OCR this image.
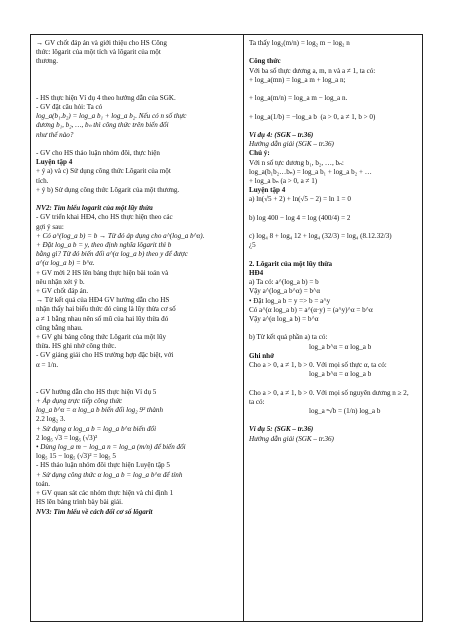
→ GV chốt đáp án và giới thiệu cho HS Công
thức: lôgarit của một tích và lôgarit của một
thương.
- HS thực hiện Ví dụ 4 theo hướng dẫn của SGK.
- GV đặt câu hỏi: Ta có
log_a(b₁.b₂) = log_a b₁ + log_a b₂. Nếu có n số thực
dương b₁, b₂, …, bₙ thì công thức trên biến đổi
như thế nào?
- GV cho HS thảo luận nhóm đôi, thực hiện
Luyện tập 4
+ ý a) và c) Sử dụng công thức Lôgarit của một
tích.
+ ý b) Sử dụng công thức Lôgarit của một thương.
NV2: Tìm hiểu logarit của một lũy thừa
- GV triển khai HĐ4, cho HS thực hiện theo các
gợi ý sau:
+ Có a^(log_a b) = b → Từ đó áp dụng cho a^(log_a b^α).
+ Đặt log_a b = y, theo định nghĩa lôgarit thì b
bằng gì? Từ đó biến đổi a^(α log_a b) theo y để được
a^(α log_a b) = b^α.
+ GV mời 2 HS lên bảng thực hiện bài toán và
nêu nhận xét ý b.
+ GV chốt đáp án.
→ Từ kết quả của HĐ4 GV hướng dẫn cho HS
nhận thấy hai biểu thức đó cùng là lũy thừa cơ số
a ≠ 1 bằng nhau nên số mũ của hai lũy thừa đó
cũng bằng nhau.
+ GV ghi bảng công thức Lôgarit của một lũy
thừa. HS ghi nhớ công thức.
- GV giảng giải cho HS trường hợp đặc biệt, với
α = 1/n.
- GV hướng dẫn cho HS thực hiện Ví dụ 5
+ Áp dụng trực tiếp công thức
log_a b^α = α log_a b biến đổi log₂ 9² thành
2.2 log₂ 3.
+ Sử dụng α log_a b = log_a b^α biến đổi
2 log₅ √3 = log₅ (√3)²
• Dùng log_a m − log_a n = log_a (m/n) để biến đổi
log₅ 15 − log₅ (√3)² = log₅ 5
- HS thảo luận nhóm đôi thực hiện Luyện tập 5
+ Sử dụng công thức α log_a b = log_a b^α để tính
toán.
+ GV quan sát các nhóm thực hiện và chỉ định 1
HS lên bảng trình bày bài giải.
NV3: Tìm hiểu về cách đổi cơ số lôgarit
Ta thấy log₂(m/n) = log₂ m − log₂ n
Công thức
Với ba số thực dương a, m, n và a ≠ 1, ta có:
+ log_a(mn) = log_a m + log_a n;
+ log_a(m/n) = log_a m − log_a n.
+ log_a(1/b) = −log_a b  (a > 0, a ≠ 1, b > 0)
Ví dụ 4: (SGK – tr.36)
Hướng dẫn giải (SGK – tr.36)
Chú ý:
Với n số tực dương b₁, b₂, …, bₙ:
log_a(b₁b₂…bₙ) = log_a b₁ + log_a b₂ + …
+ log_a bₙ (a > 0, a ≠ 1)
Luyện tập 4
a) ln(√5 + 2) + ln(√5 − 2) = ln 1 = 0
b) log 400 − log 4 = log (400/4) = 2
c) log₄ 8 + log₄ 12 + log₄ (32/3) = log₄ (8.12.32/3)
¿5
2. Lôgarit của một lũy thừa
HĐ4
a) Ta có: a^(log_a b) = b
Vậy a^(log_a b^α) = b^α
• Đặt log_a b = y => b = a^y
Có a^(α log_a b) = a^(α·y) = (a^y)^α = b^α
Vậy a^(α log_a b) = b^α
b) Từ kết quả phần a) ta có:
log_a b^α = α log_a b
Ghi nhớ
Cho a > 0, a ≠ 1, b > 0. Với mọi số thực α, ta có:
log_a b^α = α log_a b
Cho a > 0, a ≠ 1, b > 0. Với mọi số nguyên dương n ≥ 2,
ta có:
log_a ⁿ√b = (1/n) log_a b
Ví dụ 5: (SGK – tr.36)
Hướng dẫn giải (SGK – tr.36)
